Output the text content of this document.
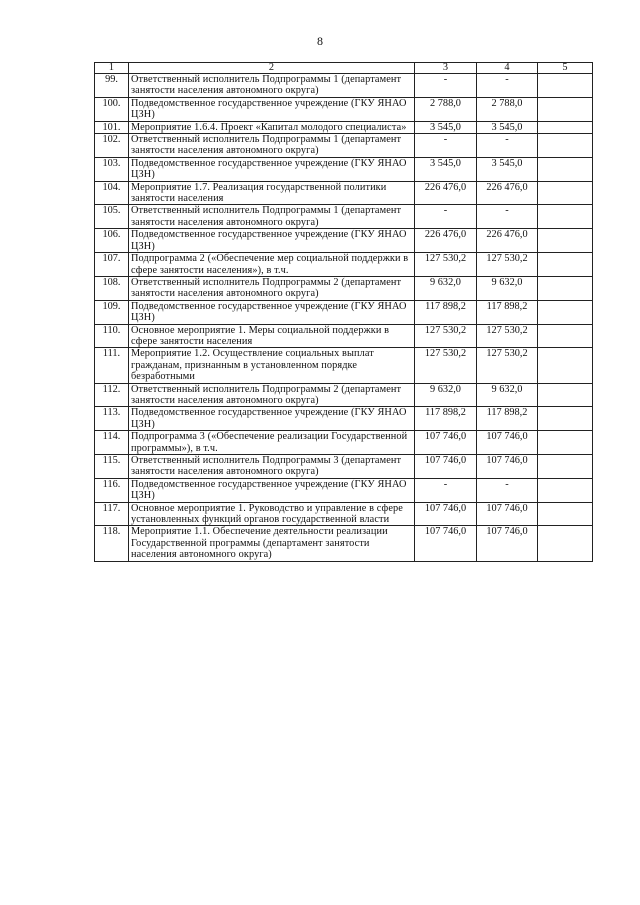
8
1	2	3	4	5
99.	Ответственный исполнитель Подпрограммы 1 (департамент занятости населения автономного округа)	-	-	
100.	Подведомственное государственное учреждение (ГКУ ЯНАО ЦЗН)	2 788,0	2 788,0	
101.	Мероприятие 1.6.4. Проект «Капитал молодого специалиста»	3 545,0	3 545,0	
102.	Ответственный исполнитель Подпрограммы 1 (департамент занятости населения автономного округа)	-	-	
103.	Подведомственное государственное учреждение (ГКУ ЯНАО ЦЗН)	3 545,0	3 545,0	
104.	Мероприятие 1.7. Реализация государственной политики занятости населения	226 476,0	226 476,0	
105.	Ответственный исполнитель Подпрограммы 1 (департамент занятости населения автономного округа)	-	-	
106.	Подведомственное государственное учреждение (ГКУ ЯНАО ЦЗН)	226 476,0	226 476,0	
107.	Подпрограмма 2 («Обеспечение мер социальной поддержки в сфере занятости населения»), в т.ч.	127 530,2	127 530,2	
108.	Ответственный исполнитель Подпрограммы 2 (департамент занятости населения автономного округа)	9 632,0	9 632,0	
109.	Подведомственное государственное учреждение (ГКУ ЯНАО ЦЗН)	117 898,2	117 898,2	
110.	Основное мероприятие 1. Меры социальной поддержки в сфере занятости населения	127 530,2	127 530,2	
111.	Мероприятие 1.2. Осуществление социальных выплат гражданам, признанным в установленном порядке безработными	127 530,2	127 530,2	
112.	Ответственный исполнитель Подпрограммы 2 (департамент занятости населения автономного округа)	9 632,0	9 632,0	
113.	Подведомственное государственное учреждение (ГКУ ЯНАО ЦЗН)	117 898,2	117 898,2	
114.	Подпрограмма 3 («Обеспечение реализации Государственной программы»), в т.ч.	107 746,0	107 746,0	
115.	Ответственный исполнитель Подпрограммы 3 (департамент занятости населения автономного округа)	107 746,0	107 746,0	
116.	Подведомственное государственное учреждение (ГКУ ЯНАО ЦЗН)	-	-	
117.	Основное мероприятие 1. Руководство и управление в сфере установленных функций органов государственной власти	107 746,0	107 746,0	
118.	Мероприятие 1.1. Обеспечение деятельности реализации Государственной программы (департамент занятости населения автономного округа)	107 746,0	107 746,0	
